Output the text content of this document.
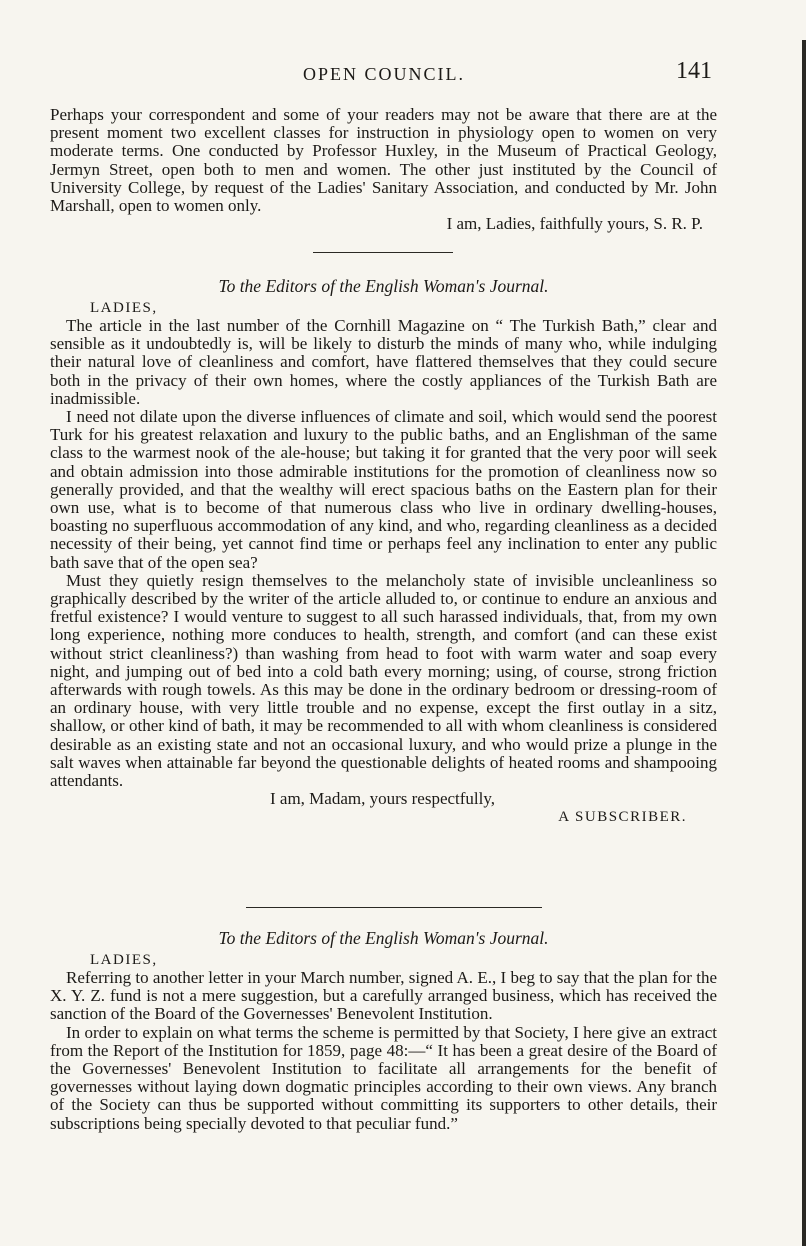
OPEN COUNCIL.	141

Perhaps your correspondent and some of your readers may not be aware that there are at the present moment two excellent classes for instruction in physiology open to women on very moderate terms. One conducted by Professor Huxley, in the Museum of Practical Geology, Jermyn Street, open both to men and women. The other just instituted by the Council of University College, by request of the Ladies' Sanitary Association, and conducted by Mr. John Marshall, open to women only.

I am, Ladies, faithfully yours, S. R. P.
To the Editors of the English Woman's Journal.
LADIES,

The article in the last number of the Cornhill Magazine on “ The Turkish Bath,” clear and sensible as it undoubtedly is, will be likely to disturb the minds of many who, while indulging their natural love of cleanliness and comfort, have flattered themselves that they could secure both in the privacy of their own homes, where the costly appliances of the Turkish Bath are inadmissible.

I need not dilate upon the diverse influences of climate and soil, which would send the poorest Turk for his greatest relaxation and luxury to the public baths, and an Englishman of the same class to the warmest nook of the ale-house; but taking it for granted that the very poor will seek and obtain admission into those admirable institutions for the promotion of cleanliness now so generally provided, and that the wealthy will erect spacious baths on the Eastern plan for their own use, what is to become of that numerous class who live in ordinary dwelling-houses, boasting no superfluous accommodation of any kind, and who, regarding cleanliness as a decided necessity of their being, yet cannot find time or perhaps feel any inclination to enter any public bath save that of the open sea?

Must they quietly resign themselves to the melancholy state of invisible uncleanliness so graphically described by the writer of the article alluded to, or continue to endure an anxious and fretful existence? I would venture to suggest to all such harassed individuals, that, from my own long experience, nothing more conduces to health, strength, and comfort (and can these exist without strict cleanliness?) than washing from head to foot with warm water and soap every night, and jumping out of bed into a cold bath every morning; using, of course, strong friction afterwards with rough towels. As this may be done in the ordinary bedroom or dressing-room of an ordinary house, with very little trouble and no expense, except the first outlay in a sitz, shallow, or other kind of bath, it may be recommended to all with whom cleanliness is considered desirable as an existing state and not an occasional luxury, and who would prize a plunge in the salt waves when attainable far beyond the questionable delights of heated rooms and shampooing attendants.

I am, Madam, yours respectfully,
A SUBSCRIBER.
To the Editors of the English Woman's Journal.
LADIES,

Referring to another letter in your March number, signed A. E., I beg to say that the plan for the X. Y. Z. fund is not a mere suggestion, but a carefully arranged business, which has received the sanction of the Board of the Governesses' Benevolent Institution.

In order to explain on what terms the scheme is permitted by that Society, I here give an extract from the Report of the Institution for 1859, page 48:—“ It has been a great desire of the Board of the Governesses' Benevolent Institution to facilitate all arrangements for the benefit of governesses without laying down dogmatic principles according to their own views. Any branch of the Society can thus be supported without committing its supporters to other details, their subscriptions being specially devoted to that peculiar fund.”
